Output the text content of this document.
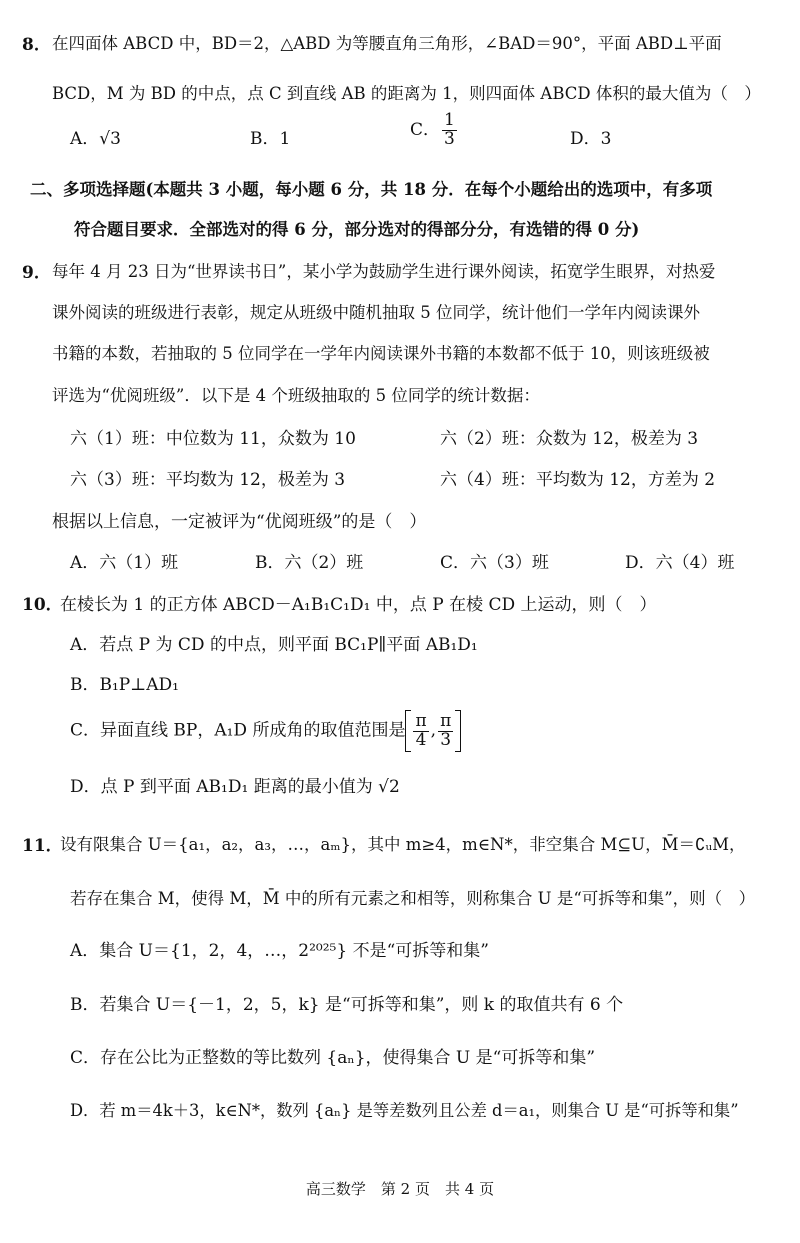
8． 在四面体 ABCD 中，BD＝2，△ABD 为等腰直角三角形，∠BAD＝90°，平面 ABD⊥平面
BCD，M 为 BD 的中点，点 C 到直线 AB 的距离为 1，则四面体 ABCD 体积的最大值为（　）
A．√3	B．1	C． $\frac{1}{3}$	D．3
二、多项选择题(本题共 3 小题，每小题 6 分，共 18 分．在每个小题给出的选项中，有多项
符合题目要求．全部选对的得 6 分，部分选对的得部分分，有选错的得 0 分)
9． 每年 4 月 23 日为“世界读书日”，某小学为鼓励学生进行课外阅读，拓宽学生眼界，对热爱
课外阅读的班级进行表彰，规定从班级中随机抽取 5 位同学，统计他们一学年内阅读课外
书籍的本数，若抽取的 5 位同学在一学年内阅读课外书籍的本数都不低于 10，则该班级被
评选为“优阅班级”．以下是 4 个班级抽取的 5 位同学的统计数据：
六（1）班：中位数为 11，众数为 10	六（2）班：众数为 12，极差为 3
六（3）班：平均数为 12，极差为 3	六（4）班：平均数为 12，方差为 2
根据以上信息，一定被评为“优阅班级”的是（　）
A．六（1）班	B．六（2）班	C．六（3）班	D．六（4）班
10．
在棱长为 1 的正方体 ABCD－A₁B₁C₁D₁ 中，点 P 在棱 CD 上运动，则（　）
A．若点 P 为 CD 的中点，则平面 BC₁P∥平面 AB₁D₁
B．B₁P⊥AD₁
C．异面直线 BP，A₁D 所成角的取值范围是 $\frac{\pi}{4}$ , $\frac{\pi}{3}$
D．点 P 到平面 AB₁D₁ 距离的最小值为 √2
11．
设有限集合 U＝{a₁，a₂，a₃，…，aₘ}，其中 m≥4，m∈N*，非空集合 M⊆U，M̄＝∁ᵤM，
若存在集合 M，使得 M，M̄ 中的所有元素之和相等，则称集合 U 是“可拆等和集”，则（　）
A．集合 U＝{1，2，4，…，2²⁰²⁵} 不是“可拆等和集”
B．若集合 U＝{－1，2，5，k} 是“可拆等和集”，则 k 的取值共有 6 个
C．存在公比为正整数的等比数列 {aₙ}，使得集合 U 是“可拆等和集”
D．若 m＝4k＋3，k∈N*，数列 {aₙ} 是等差数列且公差 d＝a₁，则集合 U 是“可拆等和集”
高三数学　第 2 页　共 4 页
